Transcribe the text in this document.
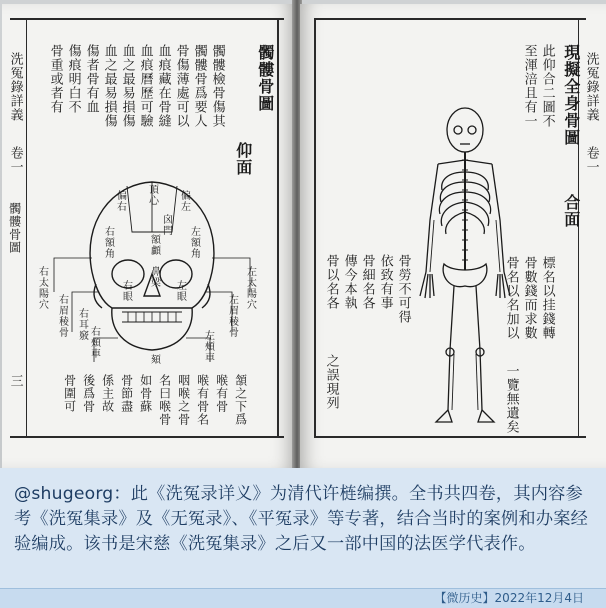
洗冤錄詳義
卷一
髑髏骨圖
三
髑髏骨圖
仰面
髑髏檢骨傷其
髑髏骨爲要人
骨傷薄處可以
血痕藏在骨縫
血痕曆歷可驗
血之最易損傷
血之最易損傷
傷者骨有血
傷痕明白不
骨重或者有
偏右 頂心 偏左
囟門
右額角	額顱	左額角
鼻梁
右眼	左眼
右太陽穴	左太陽穴
右眉稜骨	左眉稜骨
右耳竅
右頰車	左頰車
頦
頷之下爲
喉有骨
喉有骨名
咽喉之骨
名曰喉骨
如骨蘇
骨節盡
係主故
後爲骨
骨圍可
洗冤錄詳義
卷一
現擬全身骨圖
合面
此仰合二圖不
至渾涪且有一
標名以挂錢轉
骨數錢而求數
骨名以名加以
骨勞不可得
依致有事
骨細名各
傳今本執
骨以名各
之誤現列	一覽無遺矣
@shugeorg：此《洗冤录详义》为清代许梿编撰。全书共四卷，其内容参考《洗冤集录》及《无冤录》、《平冤录》等专著，结合当时的案例和办案经验编成。该书是宋慈《洗冤集录》之后又一部中国的法医学代表作。
【微历史】2022年12月4日
